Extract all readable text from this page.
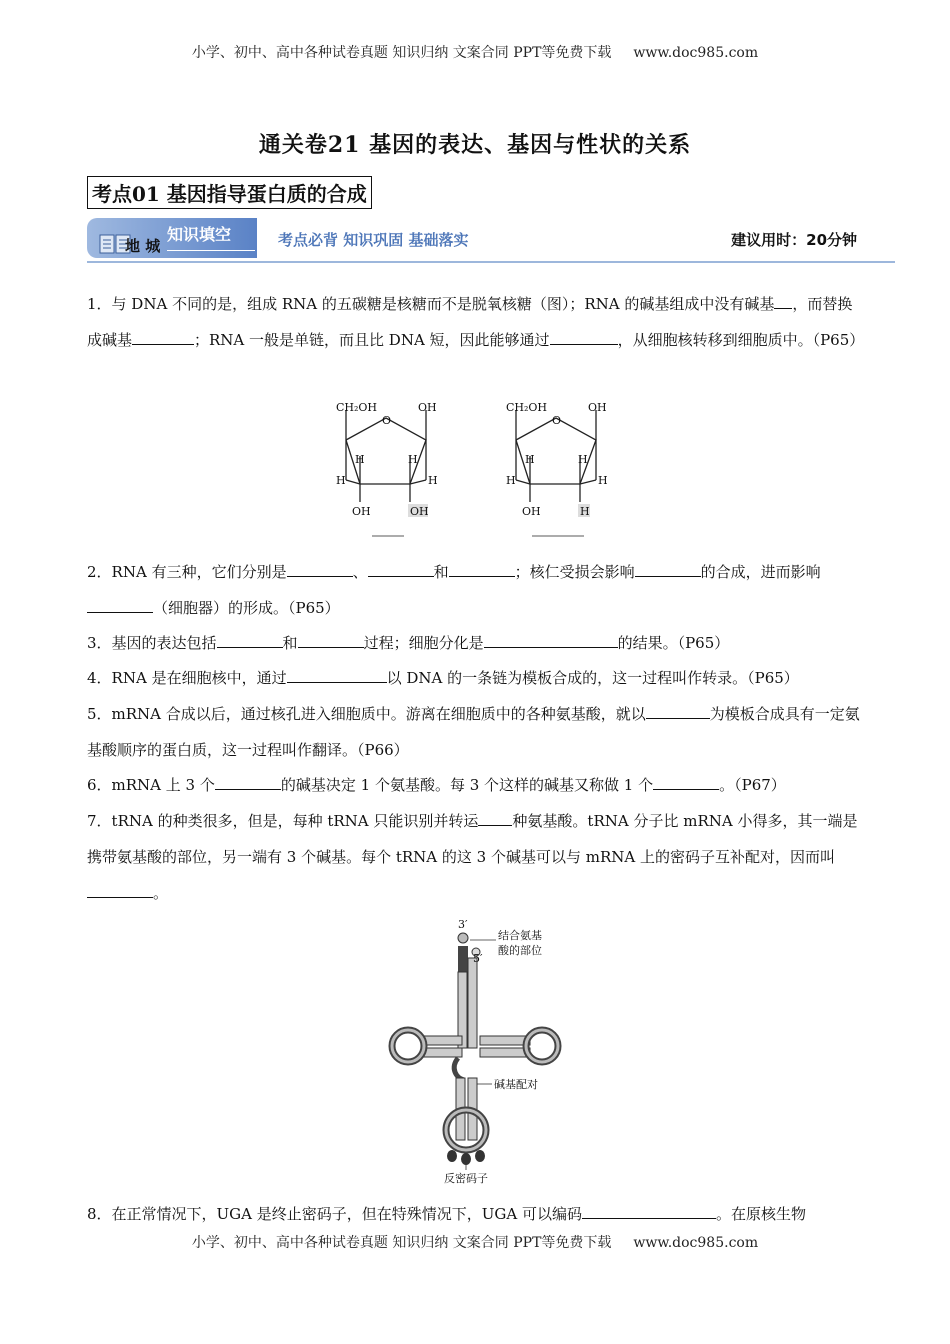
小学、初中、高中各种试卷真题 知识归纳 文案合同 PPT等免费下载 www.doc985.com
通关卷21 基因的表达、基因与性状的关系
考点01 基因指导蛋白质的合成
地 城
知识填空	考点必背 知识巩固 基础落实	建议用时：20分钟
1．与 DNA 不同的是，组成 RNA 的五碳糖是核糖而不是脱氧核糖（图）；RNA 的碱基组成中没有碱基 ，而替换成碱基	；RNA 一般是单链，而且比 DNA 短，因此能够通过	，从细胞核转移到细胞质中。（P65）
CH₂OH	OH
O
H	H
H	H
OH	OH
CH₂OH	OH
O
H	H
H	H
OH	H
2．RNA 有三种，它们分别是	、	和	；核仁受损会影响	的合成，进而影响（细胞器）的形成。（P65）
3．基因的表达包括	和	过程；细胞分化是	的结果。（P65）
4．RNA 是在细胞核中，通过	以 DNA 的一条链为模板合成的，这一过程叫作转录。（P65）
5．mRNA 合成以后，通过核孔进入细胞质中。游离在细胞质中的各种氨基酸，就以	为模板合成具有一定氨基酸顺序的蛋白质，这一过程叫作翻译。（P66）
6．mRNA 上 3 个	的碱基决定 1 个氨基酸。每 3 个这样的碱基又称做 1 个	。（P67）
7．tRNA 的种类很多，但是，每种 tRNA 只能识别并转运 种氨基酸。tRNA 分子比 mRNA 小得多，其一端是携带氨基酸的部位，另一端有 3 个碱基。每个 tRNA 的这 3 个碱基可以与 mRNA 上的密码子互补配对，因而叫。
3′
5′
结合氨基
酸的部位
碱基配对
反密码子
8．在正常情况下，UGA 是终止密码子，但在特殊情况下，UGA 可以编码	。在原核生物
小学、初中、高中各种试卷真题 知识归纳 文案合同 PPT等免费下载 www.doc985.com
